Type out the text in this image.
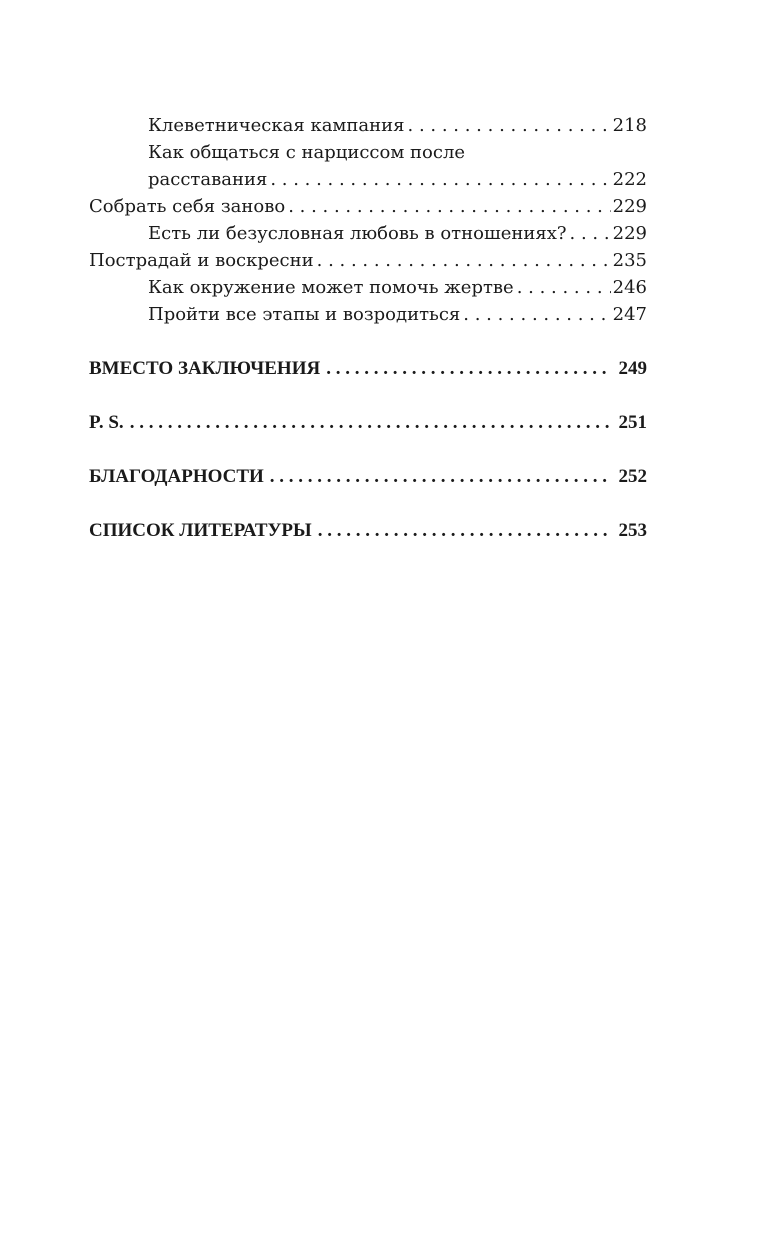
Клеветническая кампания . . .	218
Как общаться с нарциссом после
расставания . . .	222
Собрать себя заново . . .	229
Есть ли безусловная любовь в отношениях? . . .	229
Пострадай и воскресни . . .	235
Как окружение может помочь жертве . . .	246
Пройти все этапы и возродиться . . .	247
ВМЕСТО ЗАКЛЮЧЕНИЯ . . .	249
P. S. . . .	251
БЛАГОДАРНОСТИ . . .	252
СПИСОК ЛИТЕРАТУРЫ . . .	253
